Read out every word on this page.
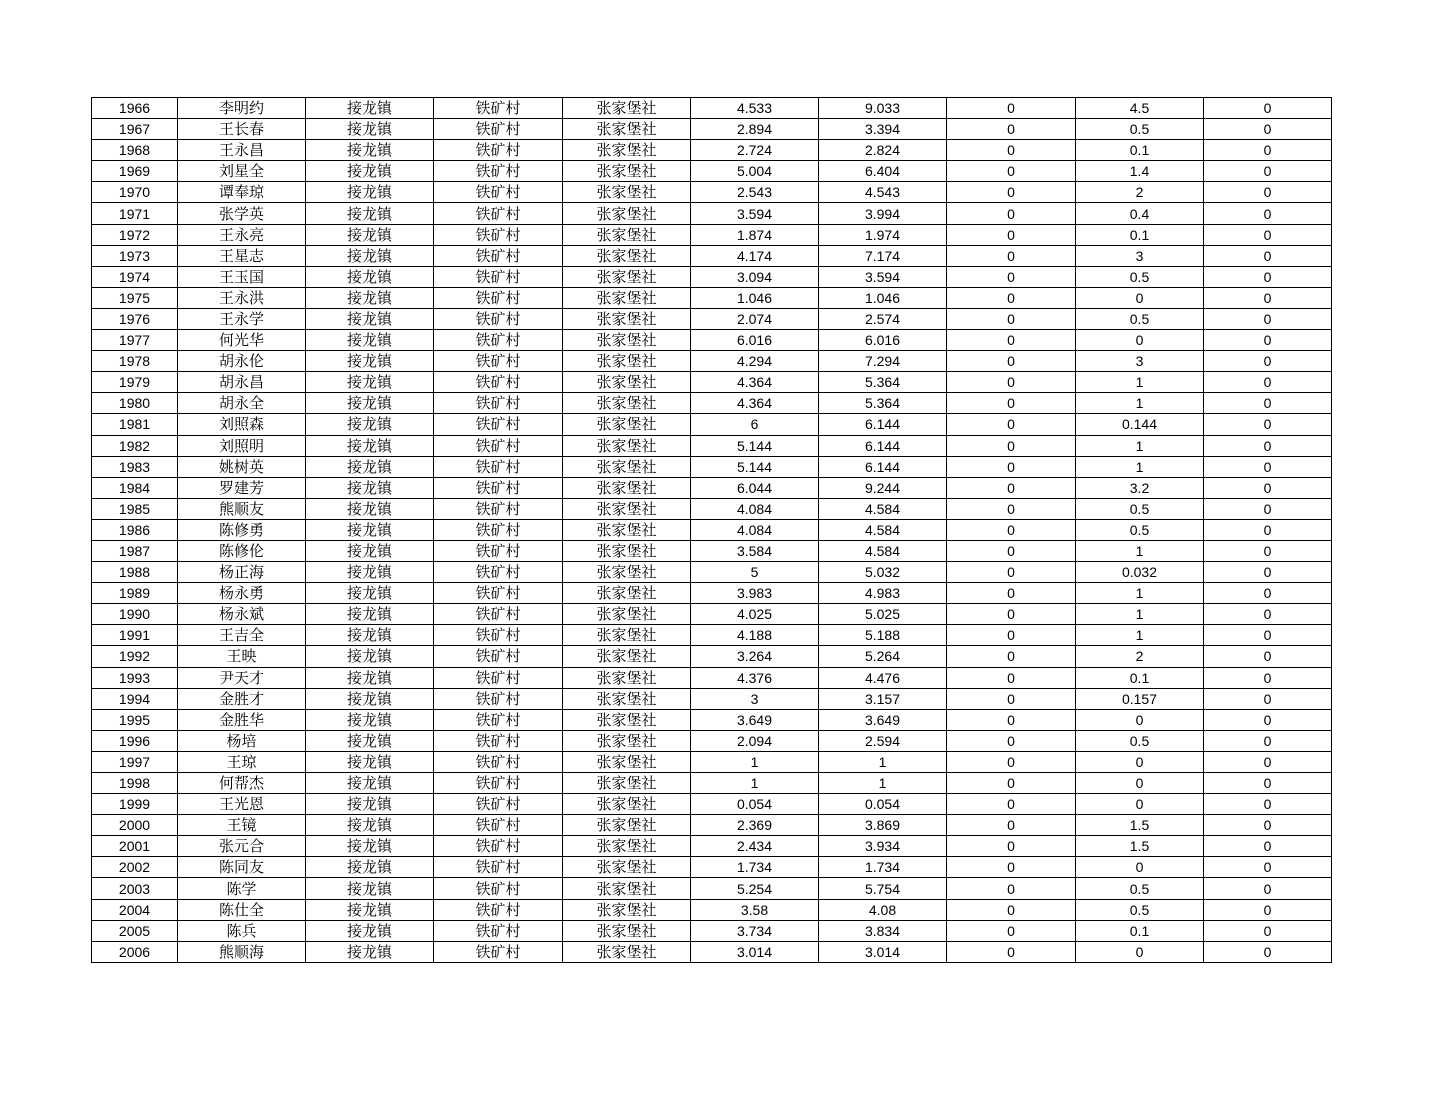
1966	李明约	接龙镇	铁矿村	张家堡社	4.533	9.033	0	4.5	0
1967	王长春	接龙镇	铁矿村	张家堡社	2.894	3.394	0	0.5	0
1968	王永昌	接龙镇	铁矿村	张家堡社	2.724	2.824	0	0.1	0
1969	刘星全	接龙镇	铁矿村	张家堡社	5.004	6.404	0	1.4	0
1970	谭奉琼	接龙镇	铁矿村	张家堡社	2.543	4.543	0	2	0
1971	张学英	接龙镇	铁矿村	张家堡社	3.594	3.994	0	0.4	0
1972	王永亮	接龙镇	铁矿村	张家堡社	1.874	1.974	0	0.1	0
1973	王星志	接龙镇	铁矿村	张家堡社	4.174	7.174	0	3	0
1974	王玉国	接龙镇	铁矿村	张家堡社	3.094	3.594	0	0.5	0
1975	王永洪	接龙镇	铁矿村	张家堡社	1.046	1.046	0	0	0
1976	王永学	接龙镇	铁矿村	张家堡社	2.074	2.574	0	0.5	0
1977	何光华	接龙镇	铁矿村	张家堡社	6.016	6.016	0	0	0
1978	胡永伦	接龙镇	铁矿村	张家堡社	4.294	7.294	0	3	0
1979	胡永昌	接龙镇	铁矿村	张家堡社	4.364	5.364	0	1	0
1980	胡永全	接龙镇	铁矿村	张家堡社	4.364	5.364	0	1	0
1981	刘照森	接龙镇	铁矿村	张家堡社	6	6.144	0	0.144	0
1982	刘照明	接龙镇	铁矿村	张家堡社	5.144	6.144	0	1	0
1983	姚树英	接龙镇	铁矿村	张家堡社	5.144	6.144	0	1	0
1984	罗建芳	接龙镇	铁矿村	张家堡社	6.044	9.244	0	3.2	0
1985	熊顺友	接龙镇	铁矿村	张家堡社	4.084	4.584	0	0.5	0
1986	陈修勇	接龙镇	铁矿村	张家堡社	4.084	4.584	0	0.5	0
1987	陈修伦	接龙镇	铁矿村	张家堡社	3.584	4.584	0	1	0
1988	杨正海	接龙镇	铁矿村	张家堡社	5	5.032	0	0.032	0
1989	杨永勇	接龙镇	铁矿村	张家堡社	3.983	4.983	0	1	0
1990	杨永斌	接龙镇	铁矿村	张家堡社	4.025	5.025	0	1	0
1991	王吉全	接龙镇	铁矿村	张家堡社	4.188	5.188	0	1	0
1992	王映	接龙镇	铁矿村	张家堡社	3.264	5.264	0	2	0
1993	尹天才	接龙镇	铁矿村	张家堡社	4.376	4.476	0	0.1	0
1994	金胜才	接龙镇	铁矿村	张家堡社	3	3.157	0	0.157	0
1995	金胜华	接龙镇	铁矿村	张家堡社	3.649	3.649	0	0	0
1996	杨培	接龙镇	铁矿村	张家堡社	2.094	2.594	0	0.5	0
1997	王琼	接龙镇	铁矿村	张家堡社	1	1	0	0	0
1998	何帮杰	接龙镇	铁矿村	张家堡社	1	1	0	0	0
1999	王光恩	接龙镇	铁矿村	张家堡社	0.054	0.054	0	0	0
2000	王镜	接龙镇	铁矿村	张家堡社	2.369	3.869	0	1.5	0
2001	张元合	接龙镇	铁矿村	张家堡社	2.434	3.934	0	1.5	0
2002	陈同友	接龙镇	铁矿村	张家堡社	1.734	1.734	0	0	0
2003	陈学	接龙镇	铁矿村	张家堡社	5.254	5.754	0	0.5	0
2004	陈仕全	接龙镇	铁矿村	张家堡社	3.58	4.08	0	0.5	0
2005	陈兵	接龙镇	铁矿村	张家堡社	3.734	3.834	0	0.1	0
2006	熊顺海	接龙镇	铁矿村	张家堡社	3.014	3.014	0	0	0
